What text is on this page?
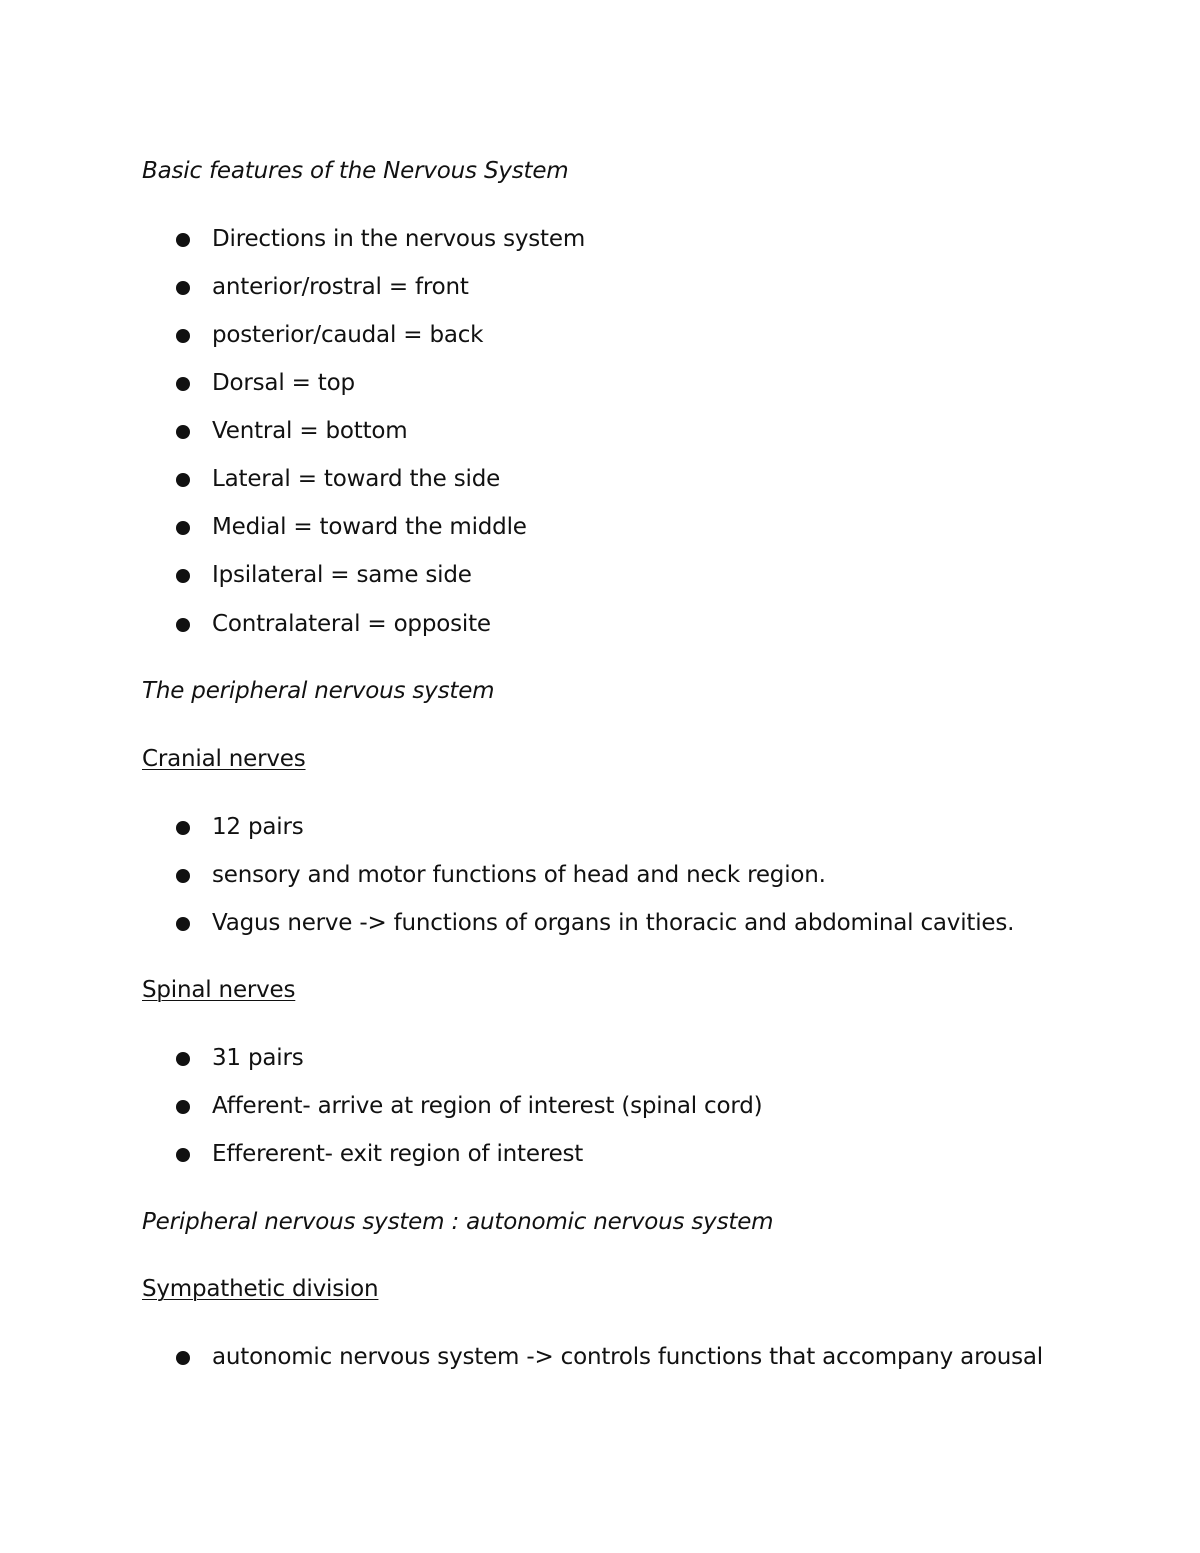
Basic features of the Nervous System
Directions in the nervous system
anterior/rostral = front
posterior/caudal = back
Dorsal = top
Ventral = bottom
Lateral = toward the side
Medial = toward the middle
Ipsilateral = same side
Contralateral = opposite
The peripheral nervous system
Cranial nerves
12 pairs
sensory and motor functions of head and neck region.
Vagus nerve -> functions of organs in thoracic and abdominal cavities.
Spinal nerves
31 pairs
Afferent- arrive at region of interest (spinal cord)
Effererent- exit region of interest
Peripheral nervous system : autonomic nervous system
Sympathetic division
autonomic nervous system -> controls functions that accompany arousal
